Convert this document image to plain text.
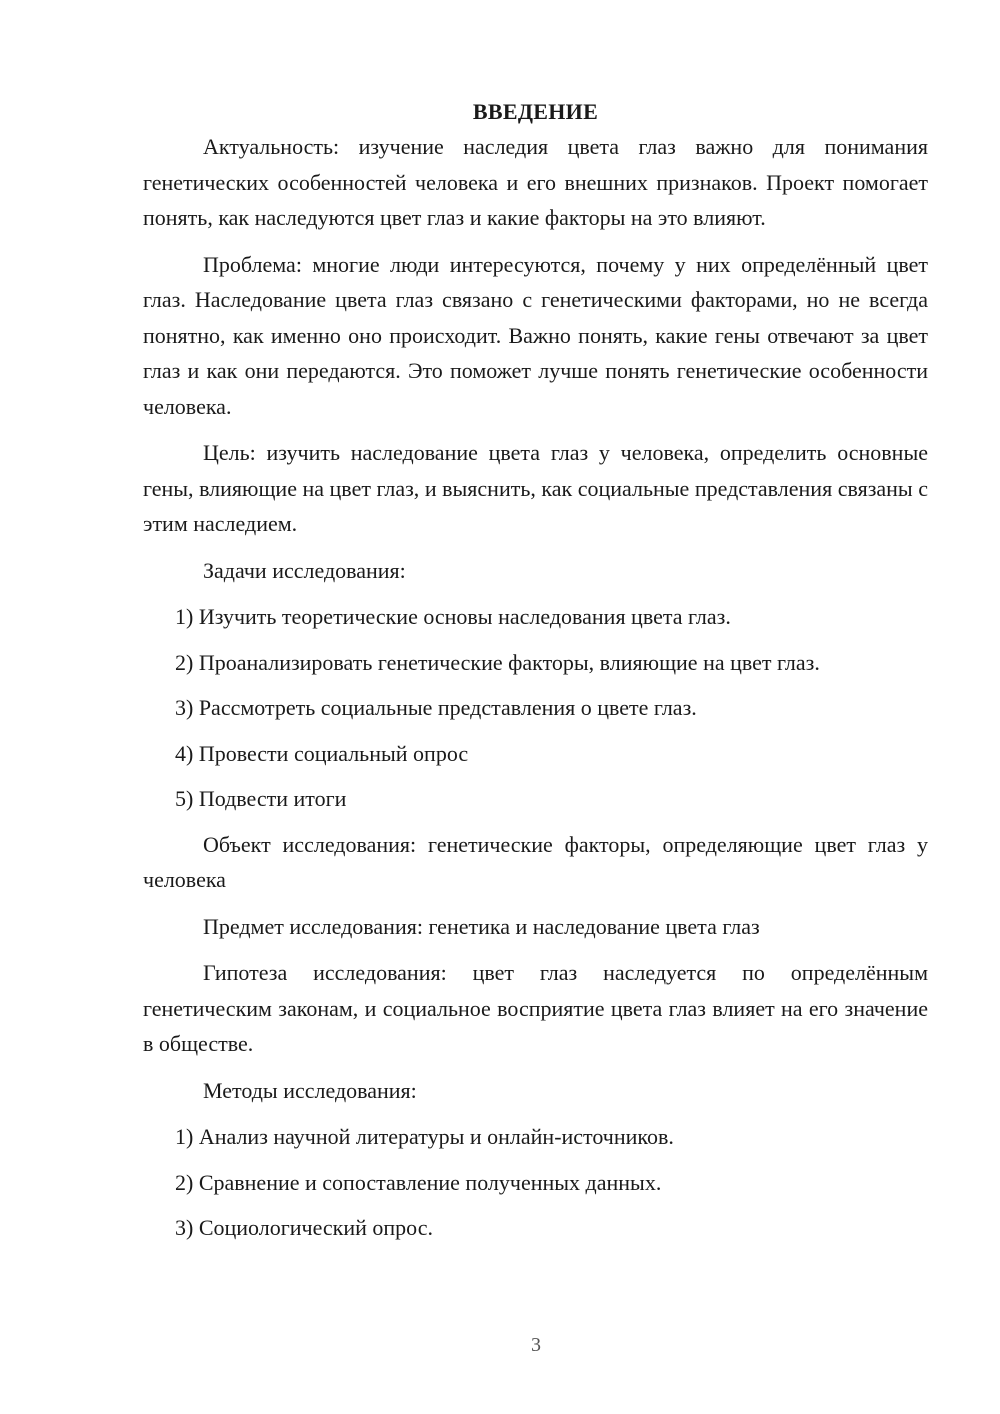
ВВЕДЕНИЕ

Актуальность: изучение наследия цвета глаз важно для понимания генетических особенностей человека и его внешних признаков. Проект помогает понять, как наследуются цвет глаз и какие факторы на это влияют.

Проблема: многие люди интересуются, почему у них определённый цвет глаз. Наследование цвета глаз связано с генетическими факторами, но не всегда понятно, как именно оно происходит. Важно понять, какие гены отвечают за цвет глаз и как они передаются. Это поможет лучше понять генетические особенности человека.

Цель: изучить наследование цвета глаз у человека, определить основные гены, влияющие на цвет глаз, и выяснить, как социальные представления связаны с этим наследием.

Задачи исследования:

1) Изучить теоретические основы наследования цвета глаз.

2) Проанализировать генетические факторы, влияющие на цвет глаз.

3) Рассмотреть социальные представления о цвете глаз.

4) Провести социальный опрос

5) Подвести итоги

Объект исследования: генетические факторы, определяющие цвет глаз у человека

Предмет исследования: генетика и наследование цвета глаз

Гипотеза исследования: цвет глаз наследуется по определённым генетическим законам, и социальное восприятие цвета глаз влияет на его значение в обществе.

Методы исследования:

1) Анализ научной литературы и онлайн-источников.

2) Сравнение и сопоставление полученных данных.

3) Социологический опрос.

3
